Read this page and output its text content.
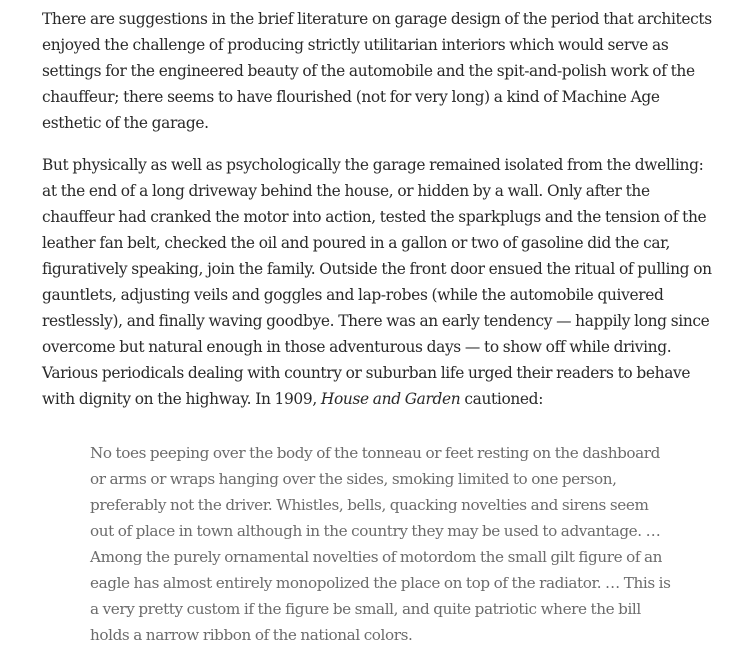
There are suggestions in the brief literature on garage design of the period that architects enjoyed the challenge of producing strictly utilitarian interiors which would serve as settings for the engineered beauty of the automobile and the spit-and-polish work of the chauffeur; there seems to have flourished (not for very long) a kind of Machine Age esthetic of the garage.

But physically as well as psychologically the garage remained isolated from the dwelling: at the end of a long driveway behind the house, or hidden by a wall. Only after the chauffeur had cranked the motor into action, tested the sparkplugs and the tension of the leather fan belt, checked the oil and poured in a gallon or two of gasoline did the car, figuratively speaking, join the family. Outside the front door ensued the ritual of pulling on gauntlets, adjusting veils and goggles and lap-robes (while the automobile quivered restlessly), and finally waving goodbye. There was an early tendency — happily long since overcome but natural enough in those adventurous days — to show off while driving. Various periodicals dealing with country or suburban life urged their readers to behave with dignity on the highway. In 1909, House and Garden cautioned:

No toes peeping over the body of the tonneau or feet resting on the dashboard or arms or wraps hanging over the sides, smoking limited to one person, preferably not the driver. Whistles, bells, quacking novelties and sirens seem out of place in town although in the country they may be used to advantage. … Among the purely ornamental novelties of motordom the small gilt figure of an eagle has almost entirely monopolized the place on top of the radiator. … This is a very pretty custom if the figure be small, and quite patriotic where the bill holds a narrow ribbon of the national colors.
